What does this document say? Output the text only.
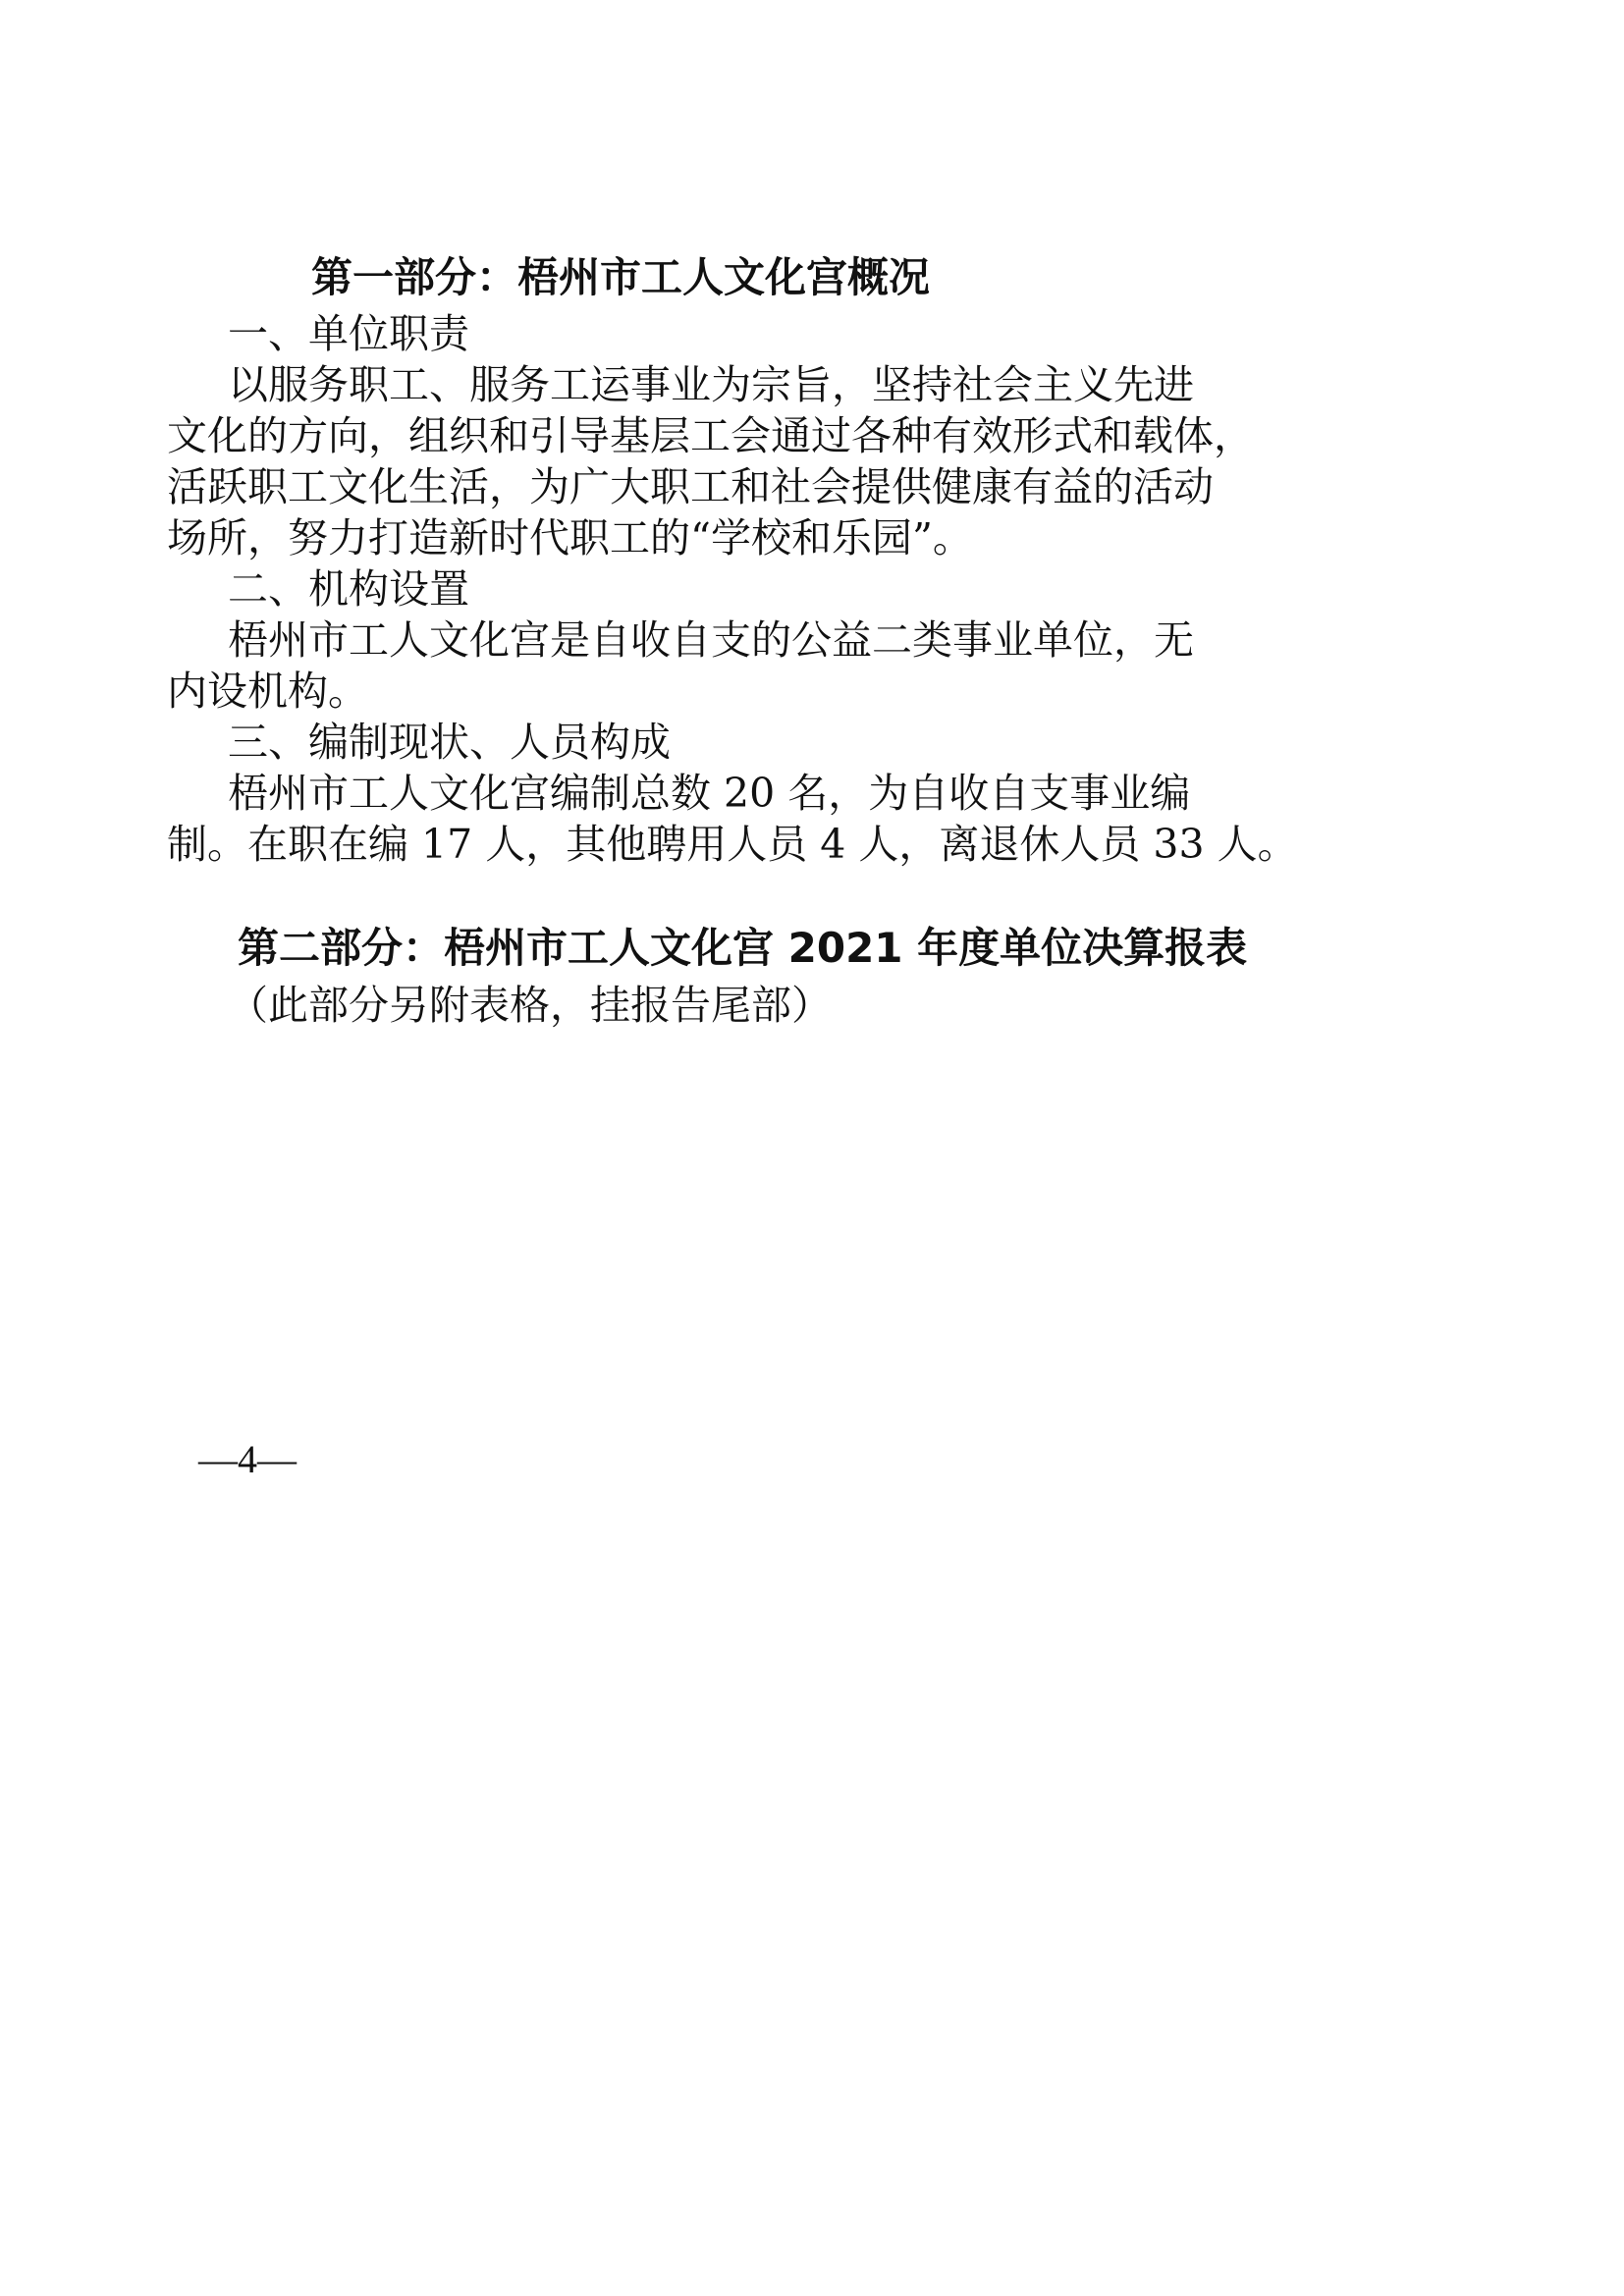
第一部分：梧州市工人文化宫概况
一、单位职责
以服务职工、服务工运事业为宗旨，坚持社会主义先进
文化的方向，组织和引导基层工会通过各种有效形式和载体，
活跃职工文化生活，为广大职工和社会提供健康有益的活动
场所，努力打造新时代职工的“学校和乐园”。
二、机构设置
梧州市工人文化宫是自收自支的公益二类事业单位，无
内设机构。
三、编制现状、人员构成
梧州市工人文化宫编制总数 20 名，为自收自支事业编
制。在职在编 17 人，其他聘用人员 4 人，离退休人员 33 人。
第二部分：梧州市工人文化宫 2021 年度单位决算报表
（此部分另附表格，挂报告尾部）
—4—
